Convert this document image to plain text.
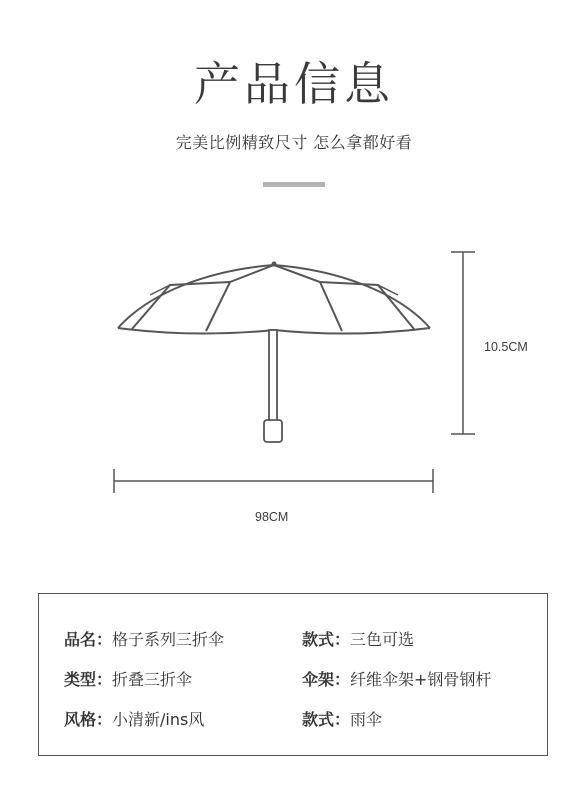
产品信息
完美比例精致尺寸 怎么拿都好看
10.5CM
98CM
品名：格子系列三折伞	款式：三色可选
类型：折叠三折伞	伞架：纤维伞架+钢骨钢杆
风格：小清新/ins风	款式：雨伞
